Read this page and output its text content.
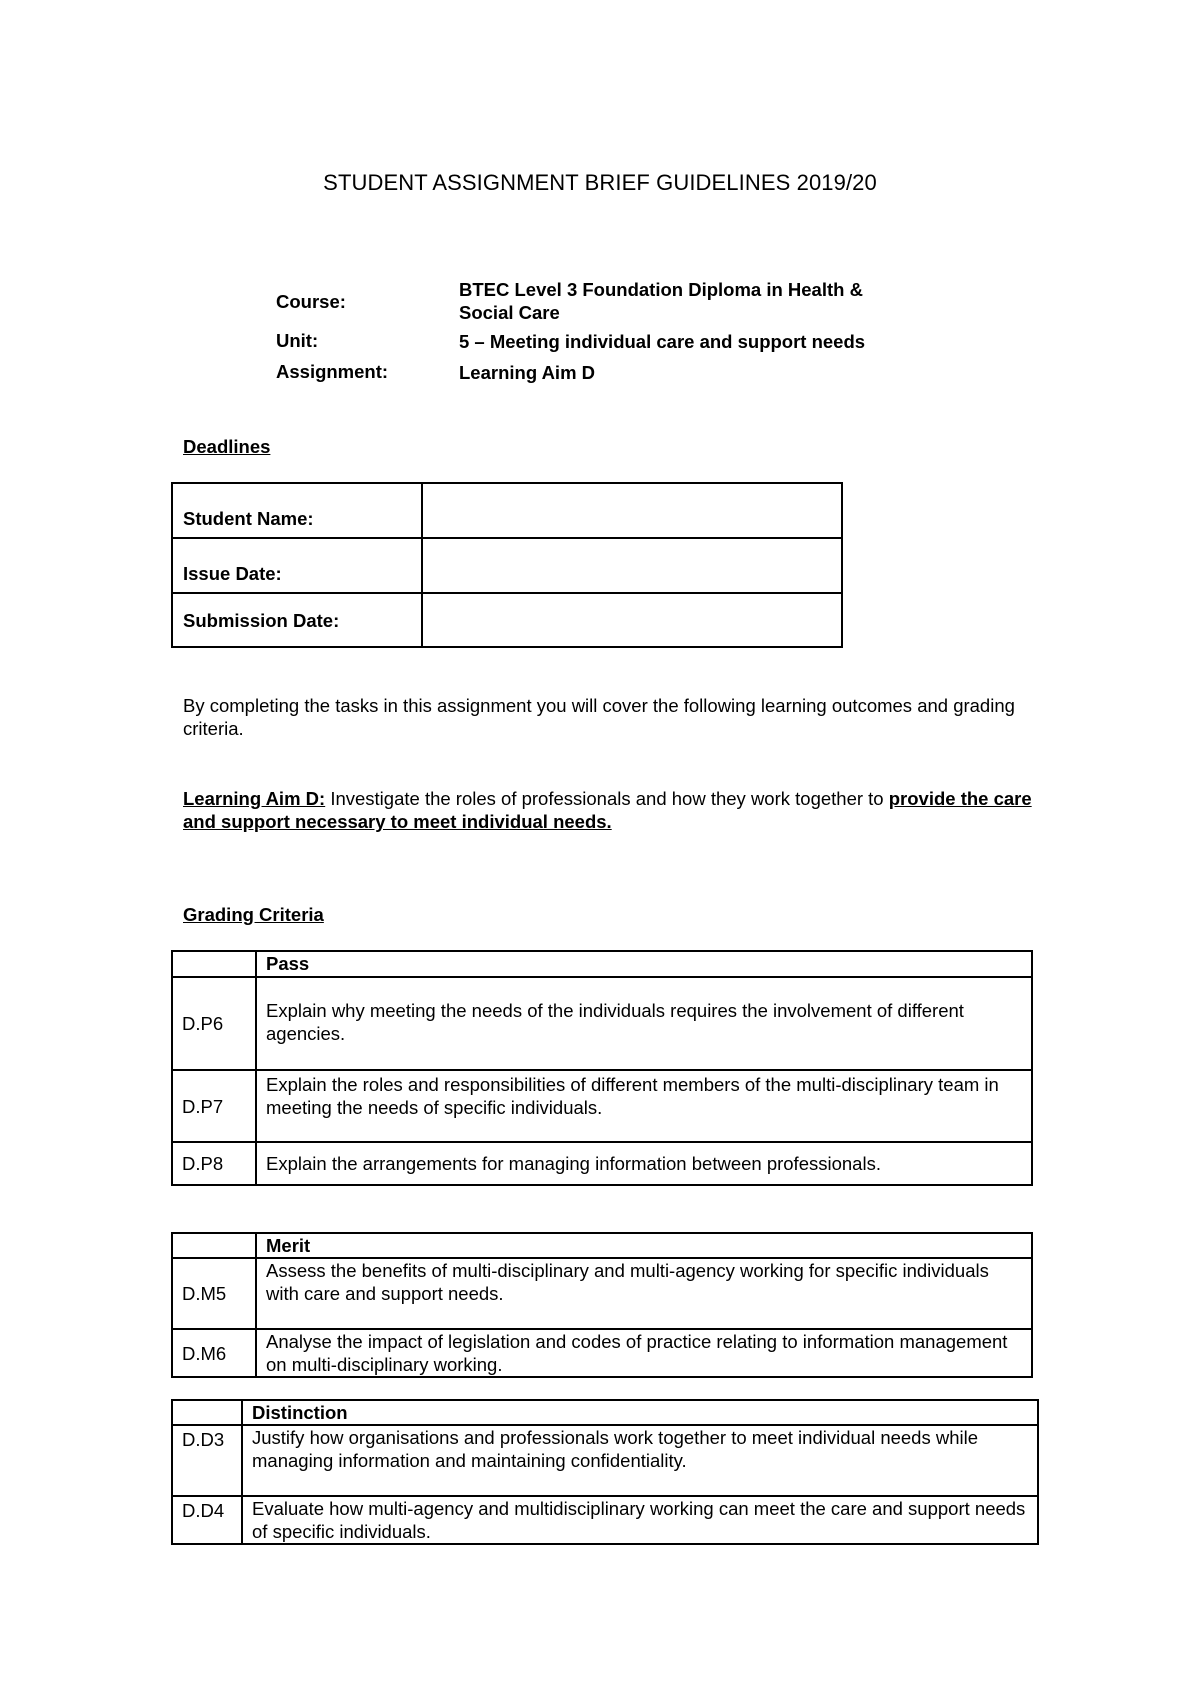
STUDENT ASSIGNMENT BRIEF GUIDELINES 2019/20
Course:
BTEC Level 3 Foundation Diploma in Health & Social Care
Unit:	5 – Meeting individual care and support needs
Assignment:	Learning Aim D
Deadlines
Student Name:	
Issue Date:	
Submission Date:	
By completing the tasks in this assignment you will cover the following learning outcomes and grading criteria.
Learning Aim D: Investigate the roles of professionals and how they work together to provide the care and support necessary to meet individual needs.
Grading Criteria
	Pass
D.P6	Explain why meeting the needs of the individuals requires the involvement of different agencies.
D.P7	Explain the roles and responsibilities of different members of the multi-disciplinary team in meeting the needs of specific individuals.
D.P8	Explain the arrangements for managing information between professionals.
	Merit
D.M5	Assess the benefits of multi-disciplinary and multi-agency working for specific individuals with care and support needs.
D.M6	Analyse the impact of legislation and codes of practice relating to information management on multi-disciplinary working.
	Distinction
D.D3	Justify how organisations and professionals work together to meet individual needs while managing information and maintaining confidentiality.
D.D4	Evaluate how multi-agency and multidisciplinary working can meet the care and support needs of specific individuals.
